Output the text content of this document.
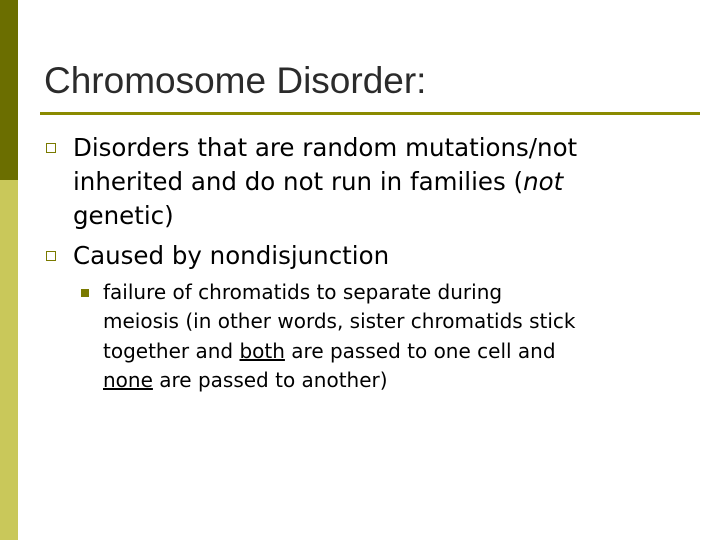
Chromosome Disorder:

Disorders that are random mutations/not

inherited and do not run in families (not

genetic)

Caused by nondisjunction

failure of chromatids to separate during

meiosis (in other words, sister chromatids stick

together and both are passed to one cell and

none are passed to another)
